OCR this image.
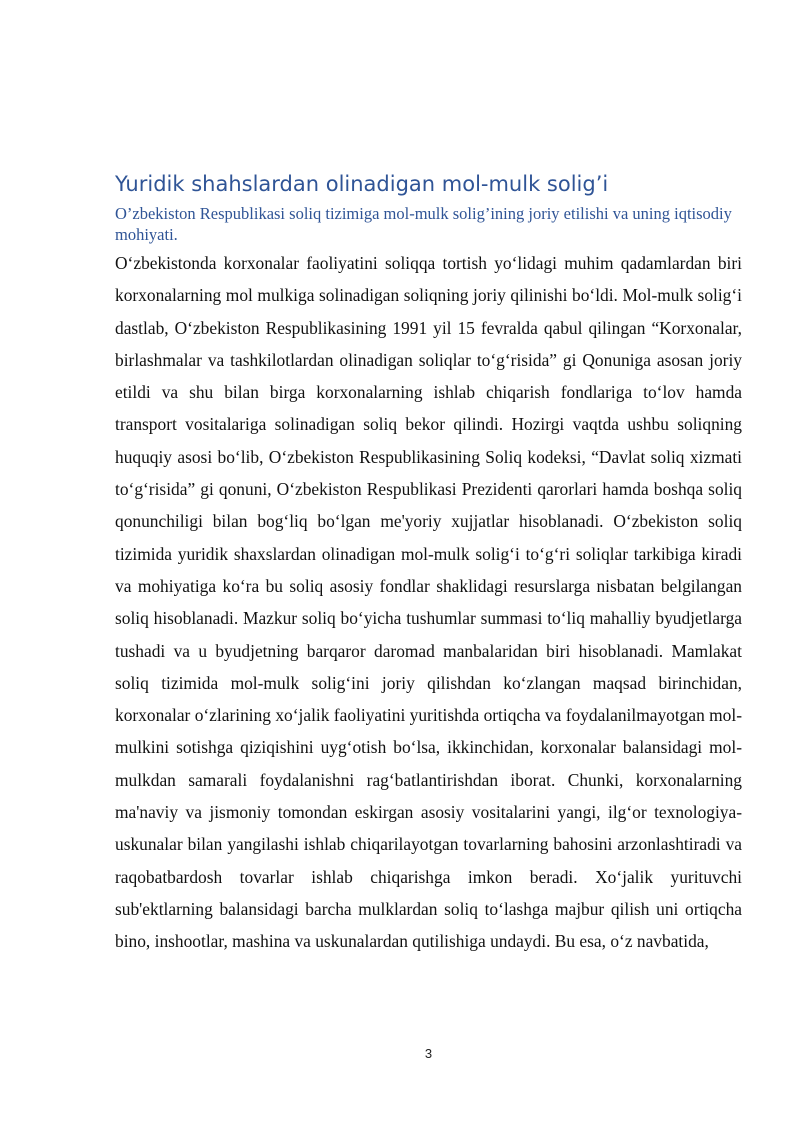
Yuridik shahslardan olinadigan mol-mulk solig’i
O’zbekiston Respublikasi soliq tizimiga mol-mulk solig’ining joriy etilishi va uning iqtisodiy mohiyati.

O‘zbekistonda korxonalar faoliyatini soliqqa tortish yo‘lidagi muhim qadamlardan biri korxonalarning mol mulkiga solinadigan soliqning joriy qilinishi bo‘ldi. Mol-mulk solig‘i dastlab, O‘zbekiston Respublikasining 1991 yil 15 fevralda qabul qilingan “Korxonalar, birlashmalar va tashkilotlardan olinadigan soliqlar to‘g‘risida” gi Qonuniga asosan joriy etildi va shu bilan birga korxonalarning ishlab chiqarish fondlariga to‘lov hamda transport vositalariga solinadigan soliq bekor qilindi. Hozirgi vaqtda ushbu soliqning huquqiy asosi bo‘lib, O‘zbekiston Respublikasining Soliq kodeksi, “Davlat soliq xizmati to‘g‘risida” gi qonuni, O‘zbekiston Respublikasi Prezidenti qarorlari hamda boshqa soliq qonunchiligi bilan bog‘liq bo‘lgan me'yoriy xujjatlar hisoblanadi. O‘zbekiston soliq tizimida yuridik shaxslardan olinadigan mol-mulk solig‘i to‘g‘ri soliqlar tarkibiga kiradi va mohiyatiga ko‘ra bu soliq asosiy fondlar shaklidagi resurslarga nisbatan belgilangan soliq hisoblanadi. Mazkur soliq bo‘yicha tushumlar summasi to‘liq mahalliy byudjetlarga tushadi va u byudjetning barqaror daromad manbalaridan biri hisoblanadi. Mamlakat soliq tizimida mol-mulk solig‘ini joriy qilishdan ko‘zlangan maqsad birinchidan, korxonalar o‘zlarining xo‘jalik faoliyatini yuritishda ortiqcha va foydalanilmayotgan mol-mulkini sotishga qiziqishini uyg‘otish bo‘lsa, ikkinchidan, korxonalar balansidagi mol-mulkdan samarali foydalanishni rag‘batlantirishdan iborat. Chunki, korxonalarning ma'naviy va jismoniy tomondan eskirgan asosiy vositalarini yangi, ilg‘or texnologiya-uskunalar bilan yangilashi ishlab chiqarilayotgan tovarlarning bahosini arzonlashtiradi va raqobatbardosh tovarlar ishlab chiqarishga imkon beradi. Xo‘jalik yurituvchi sub'ektlarning balansidagi barcha mulklardan soliq to‘lashga majbur qilish uni ortiqcha bino, inshootlar, mashina va uskunalardan qutilishiga undaydi. Bu esa, o‘z navbatida,

3
